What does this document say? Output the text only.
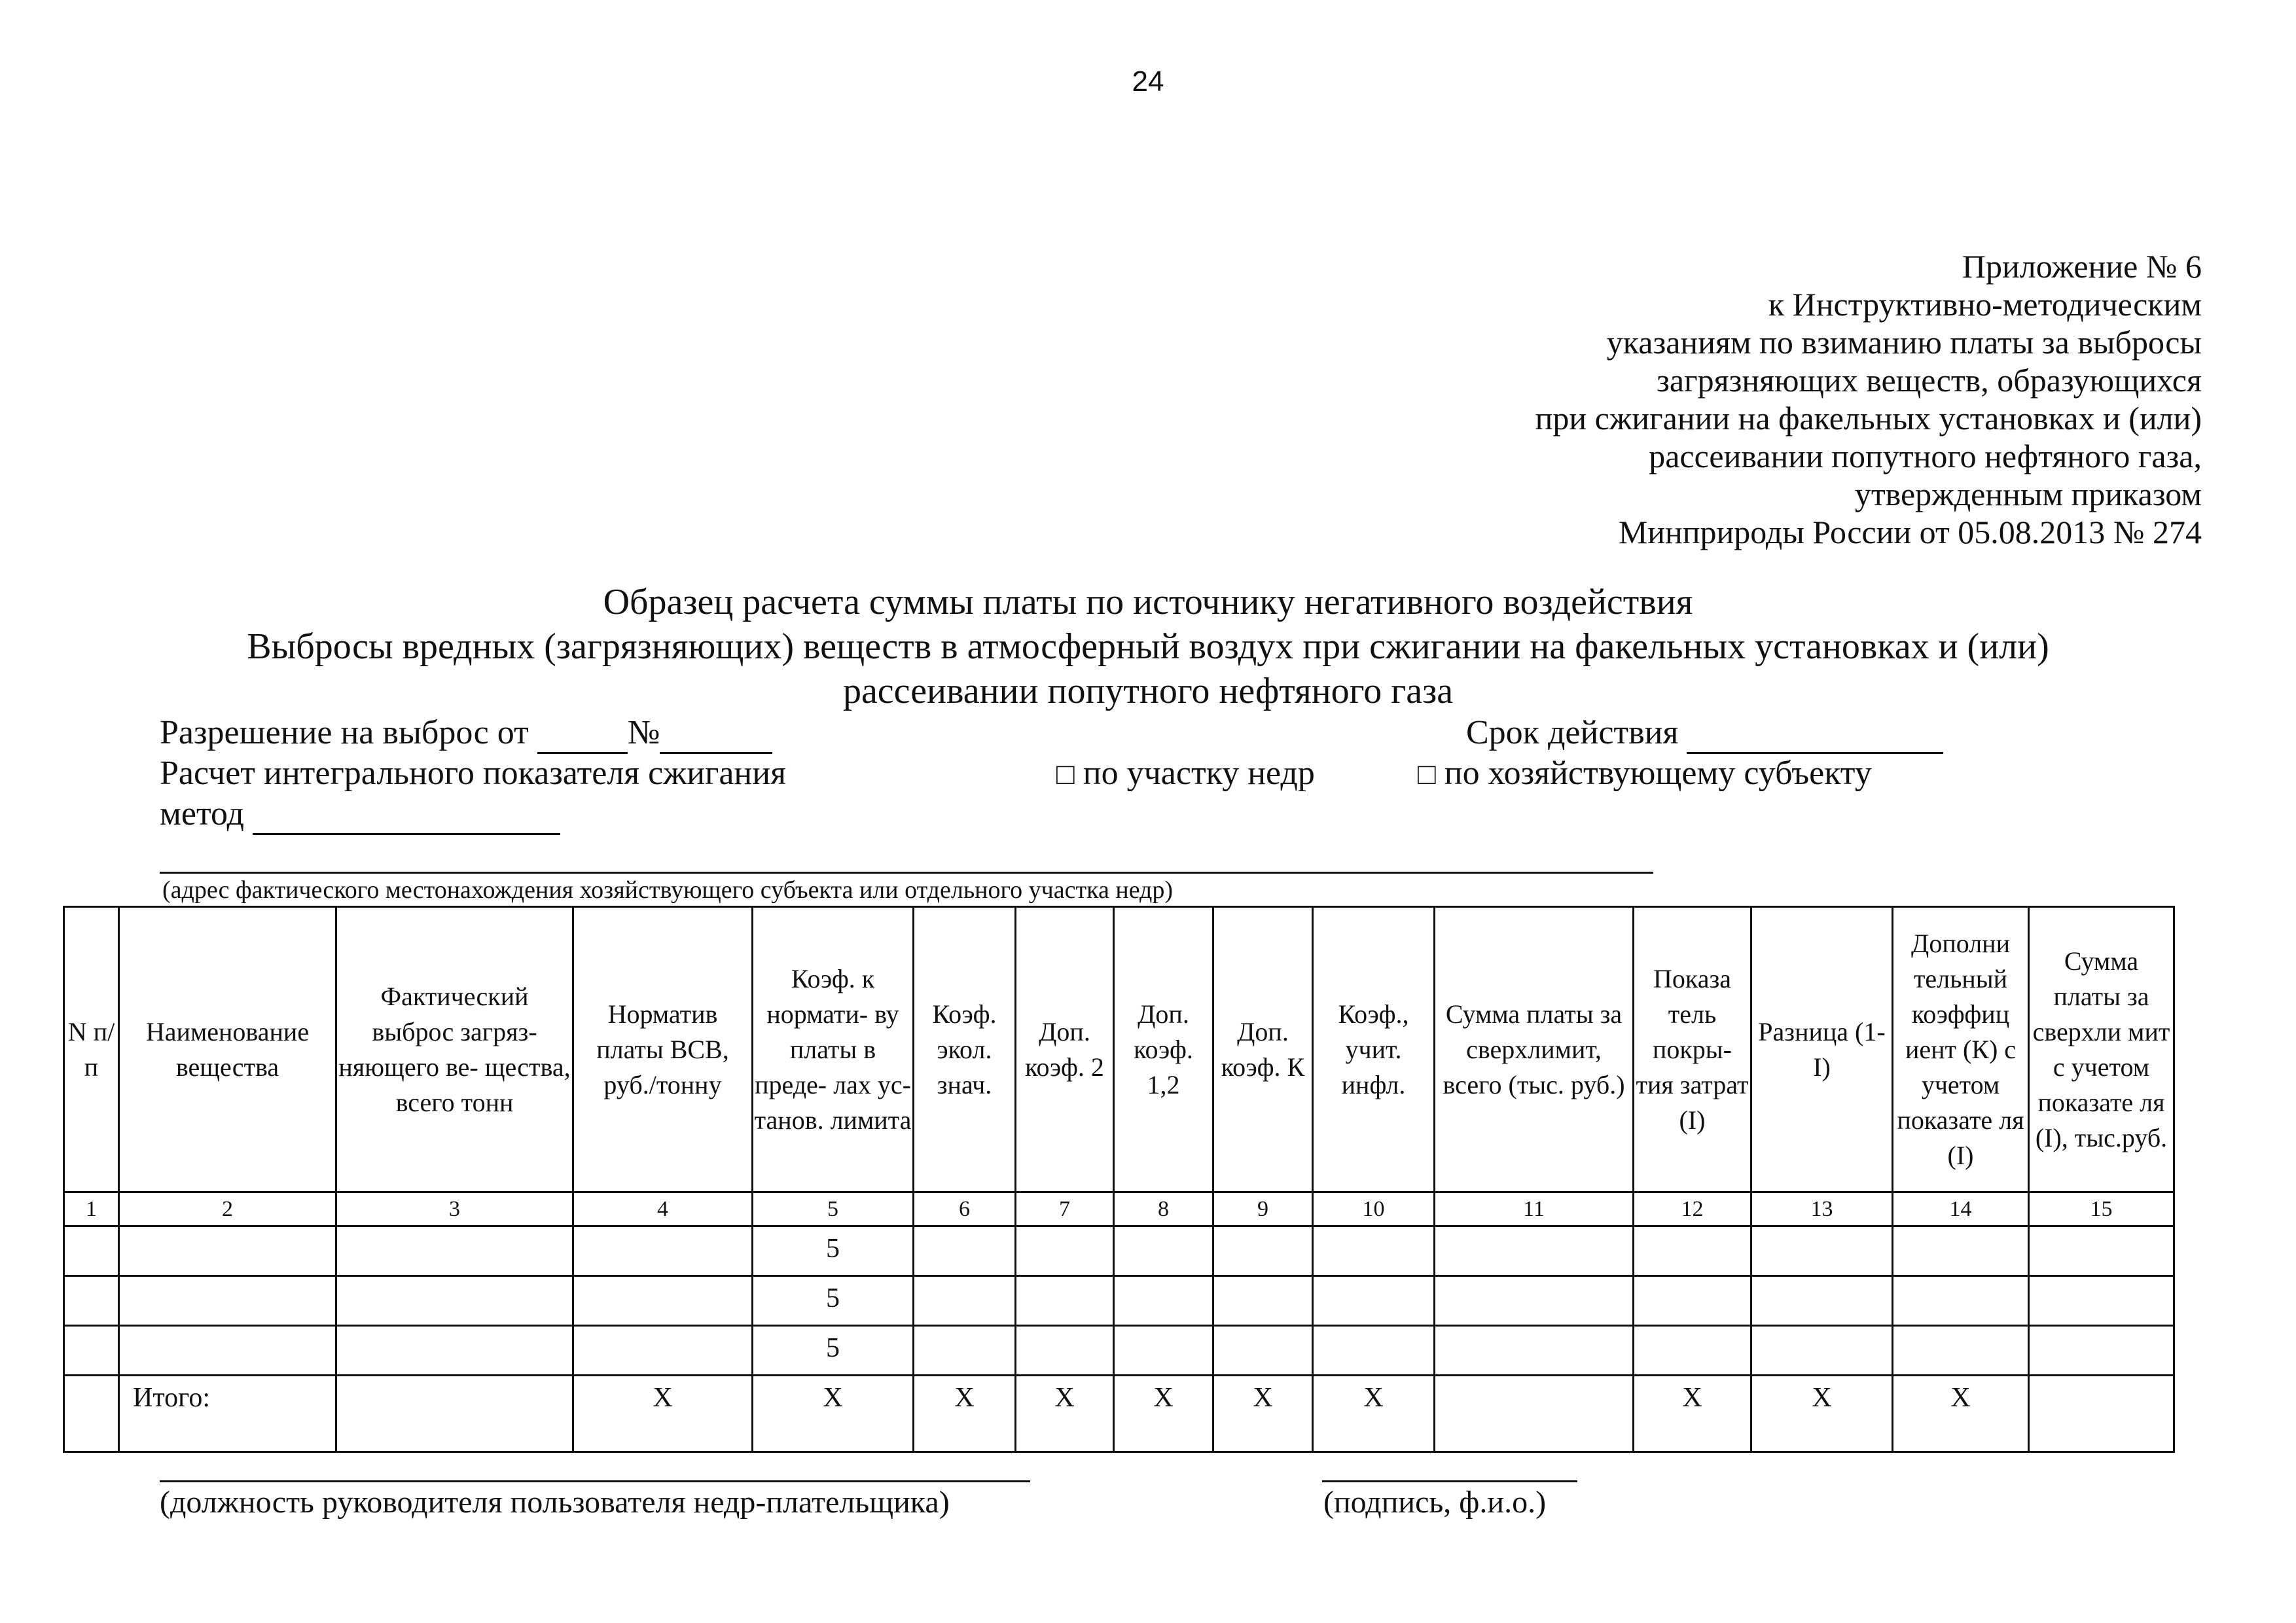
24
Приложение № 6
к Инструктивно-методическим
указаниям по взиманию платы за выбросы
загрязняющих веществ, образующихся
при сжигании на факельных установках и (или)
рассеивании попутного нефтяного газа,
утвержденным приказом
Минприроды России от 05.08.2013 № 274
Образец расчета суммы платы по источнику негативного воздействия
Выбросы вредных (загрязняющих) веществ в атмосферный воздух при сжигании на факельных установках и (или)
рассеивании попутного нефтяного газа
Разрешение на выброс от	№	Срок действия
Расчет интегрального показателя сжигания	□ по участку недр	□ по хозяйствующему субъекту
метод
(адрес фактического местонахождения хозяйствующего субъекта или отдельного участка недр)
N п/ п	Наименование вещества	Фактический выброс загряз- няющего ве- щества, всего тонн	Норматив платы ВСВ, руб./тонну	Коэф. к нормати- ву платы в преде- лах ус- танов. лимита	Коэф. экол. знач.	Доп. коэф. 2	Доп. коэф. 1,2	Доп. коэф. К	Коэф., учит. инфл.	Сумма платы за сверхлимит, всего (тыс. руб.)	Показа тель покры- тия затрат (I)	Разница (1- I)	Дополни тельный коэффиц иент (К) с учетом показате ля (I)	Сумма платы за сверхли мит с учетом показате ля (I), тыс.руб.
1	2	3	4	5	6	7	8	9	10	11	12	13	14	15
				5										
				5										
				5										
	Итого:		X	X	X	X	X	X	X		X	X	X	
(должность руководителя пользователя недр-плательщика)	(подпись, ф.и.о.)
